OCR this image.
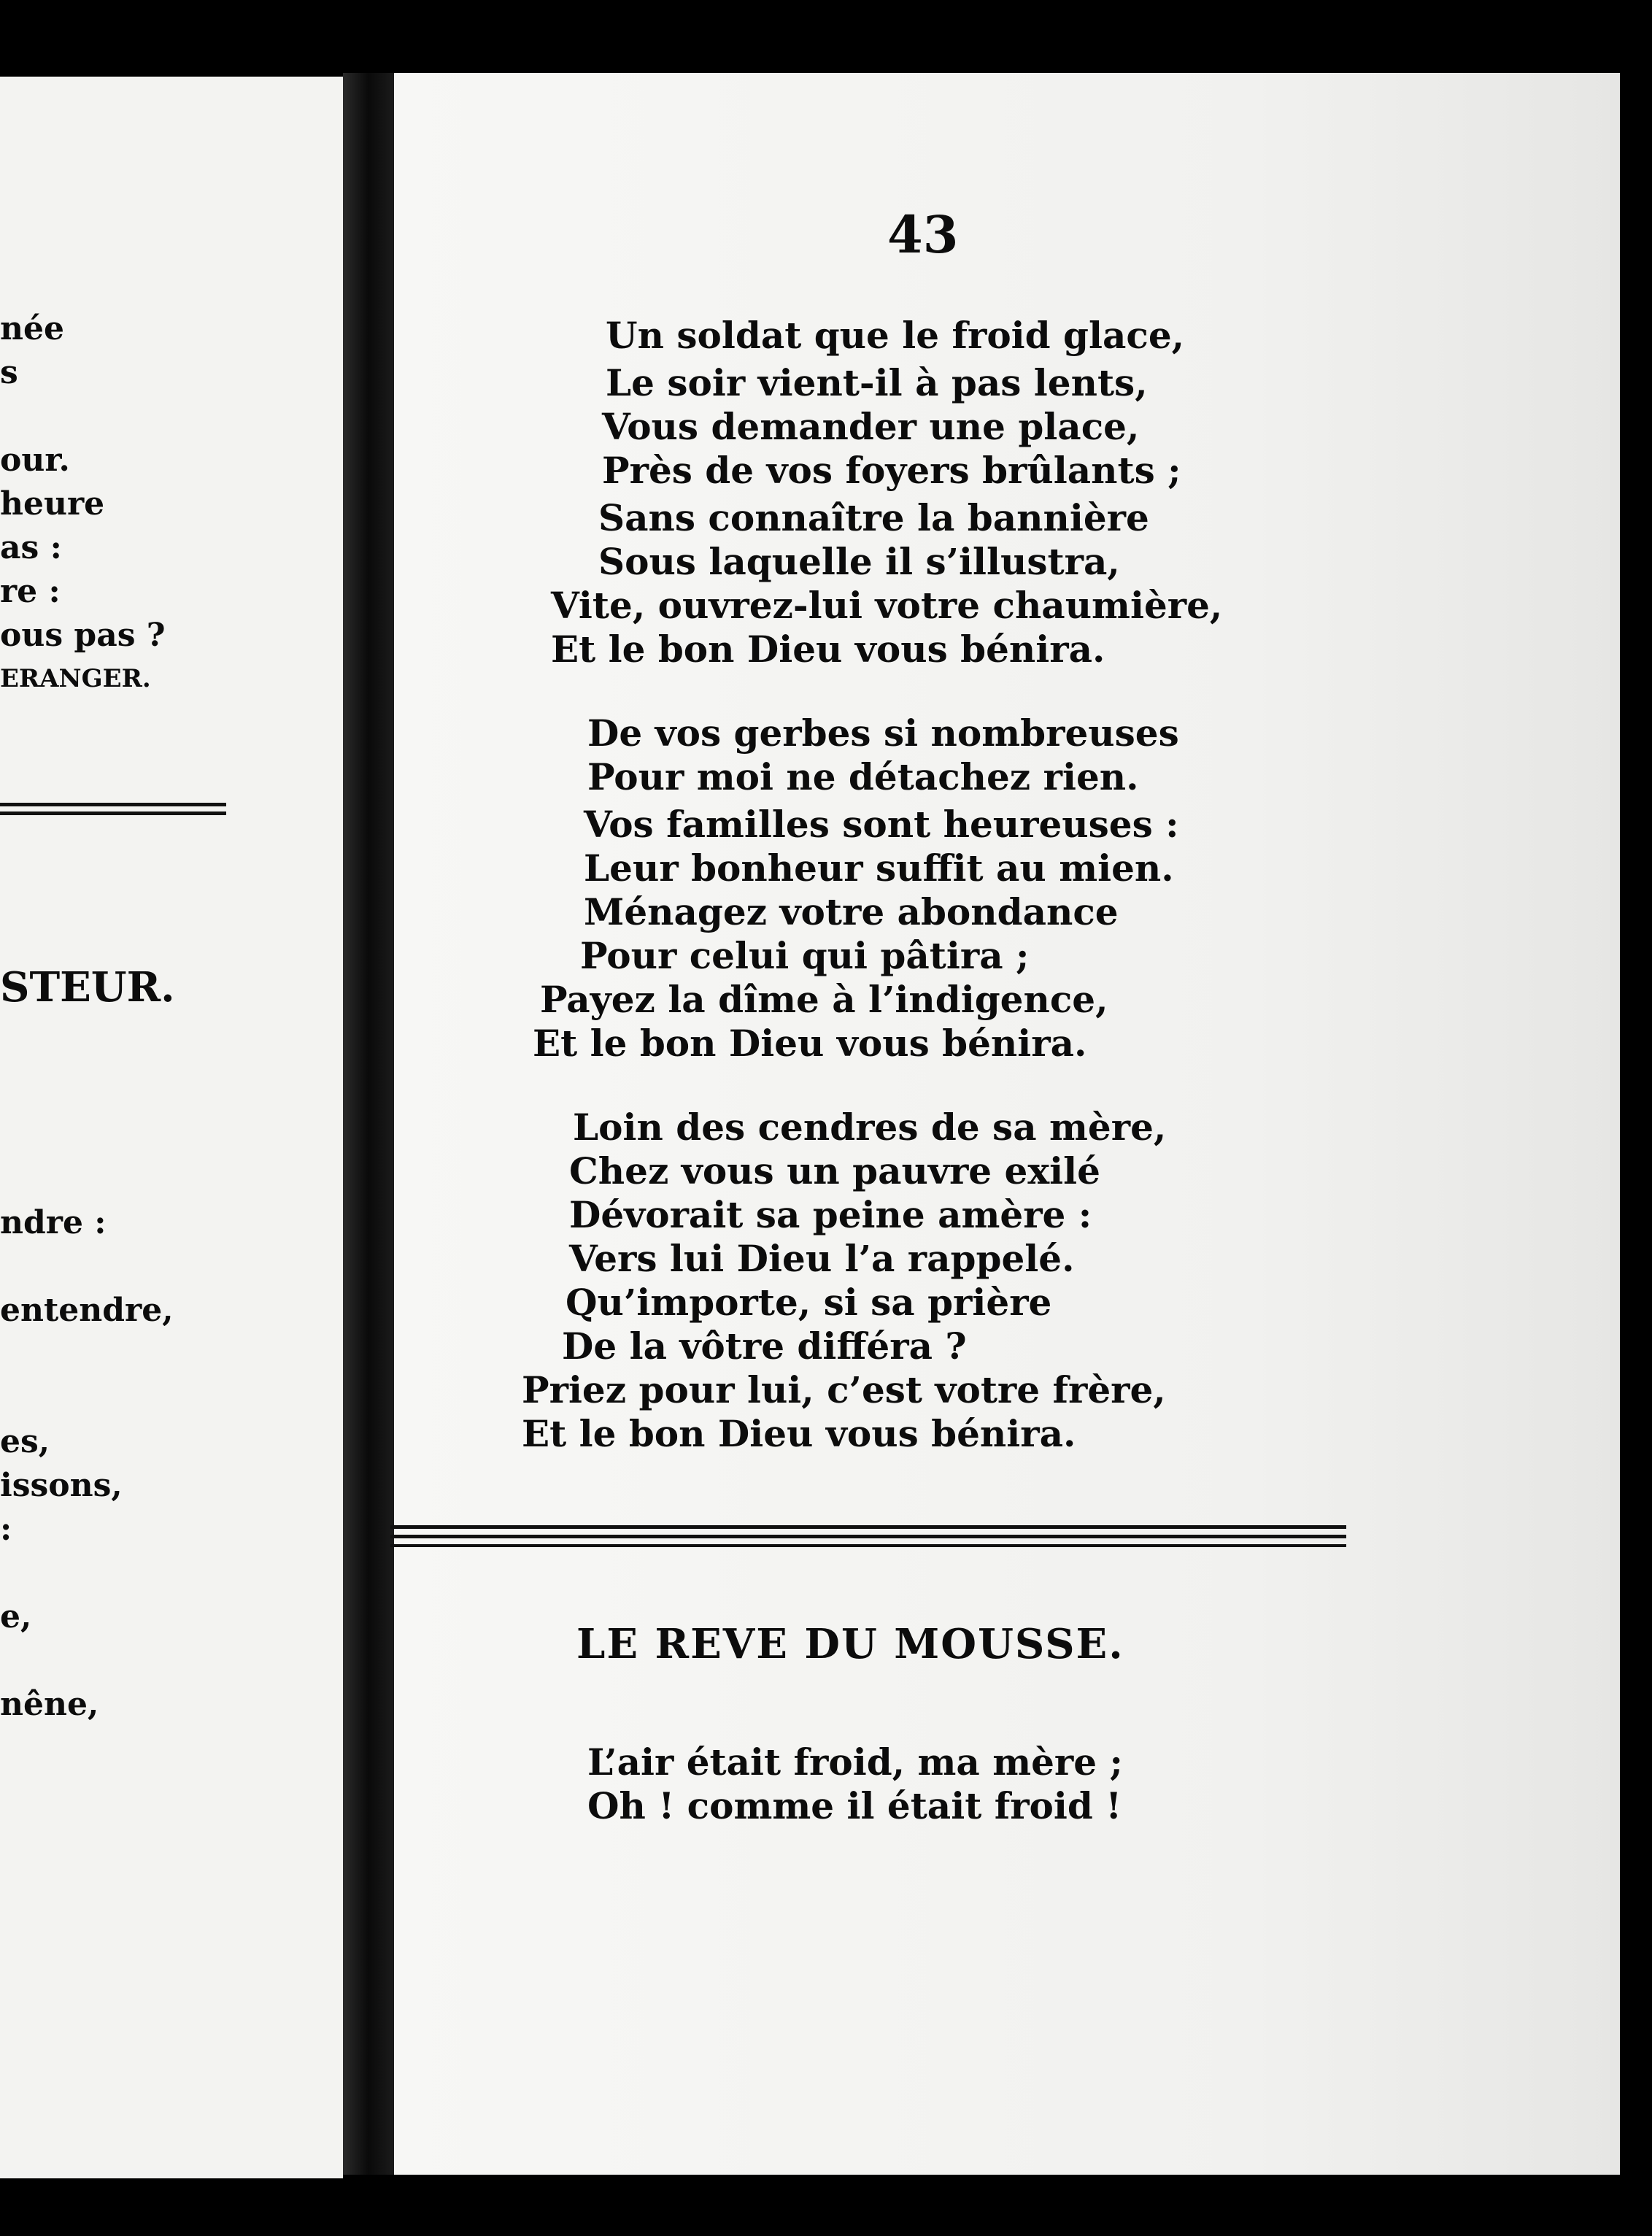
née
s
our.
heure
as :
re :
ous pas ?
ERANGER.
STEUR.
ndre :
entendre,
es,
issons,
:
e,
nêne,
43
Un soldat que le froid glace,
Le soir vient-il à pas lents,
Vous demander une place,
Près de vos foyers brûlants ;
Sans connaître la bannière
Sous laquelle il s’illustra,
Vite, ouvrez-lui votre chaumière,
Et le bon Dieu vous bénira.
De vos gerbes si nombreuses
Pour moi ne détachez rien.
Vos familles sont heureuses :
Leur bonheur suffit au mien.
Ménagez votre abondance
Pour celui qui pâtira ;
Payez la dîme à l’indigence,
Et le bon Dieu vous bénira.
Loin des cendres de sa mère,
Chez vous un pauvre exilé
Dévorait sa peine amère :
Vers lui Dieu l’a rappelé.
Qu’importe, si sa prière
De la vôtre différa ?
Priez pour lui, c’est votre frère,
Et le bon Dieu vous bénira.
LE REVE DU MOUSSE.
L’air était froid, ma mère ;
Oh ! comme il était froid !
